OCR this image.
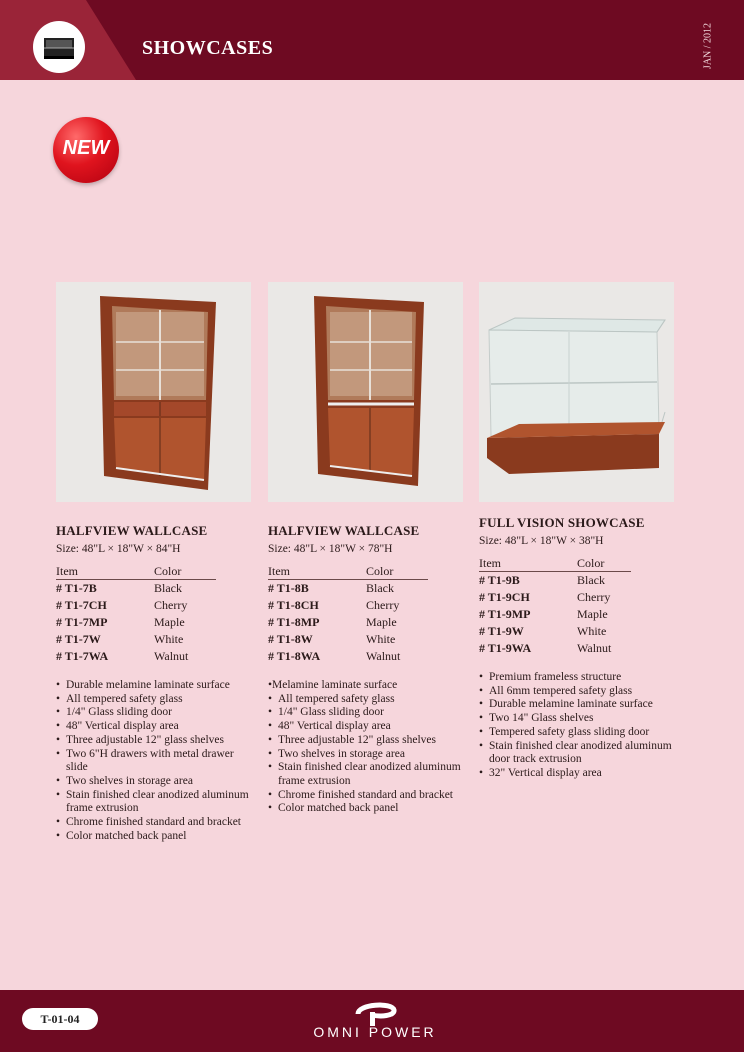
SHOWCASES	JAN / 2012
NEW
HALFVIEW WALLCASE
Size: 48"L × 18"W × 84"H
Item	Color
# T1-7B	Black
# T1-7CH	Cherry
# T1-7MP	Maple
# T1-7W	White
# T1-7WA	Walnut
• Durable melamine laminate surface
• All tempered safety glass
• 1/4" Glass sliding door
• 48" Vertical display area
• Three adjustable 12" glass shelves
• Two 6"H drawers with metal drawer slide
• Two shelves in storage area
• Stain finished clear anodized aluminum frame extrusion
• Chrome finished standard and bracket
• Color matched back panel
HALFVIEW WALLCASE
Size: 48"L × 18"W × 78"H
Item	Color
# T1-8B	Black
# T1-8CH	Cherry
# T1-8MP	Maple
# T1-8W	White
# T1-8WA	Walnut
•Melamine laminate surface
• All tempered safety glass
• 1/4" Glass sliding door
• 48" Vertical display area
• Three adjustable 12" glass shelves
• Two shelves in storage area
• Stain finished clear anodized aluminum frame extrusion
• Chrome finished standard and bracket
• Color matched back panel
FULL VISION SHOWCASE
Size: 48"L × 18"W × 38"H
Item	Color
# T1-9B	Black
# T1-9CH	Cherry
# T1-9MP	Maple
# T1-9W	White
# T1-9WA	Walnut
• Premium frameless structure
• All 6mm tempered safety glass
• Durable melamine laminate surface
• Two 14" Glass shelves
• Tempered safety glass sliding door
• Stain finished clear anodized aluminum door track extrusion
• 32" Vertical display area
T-01-04
OMNI POWER
